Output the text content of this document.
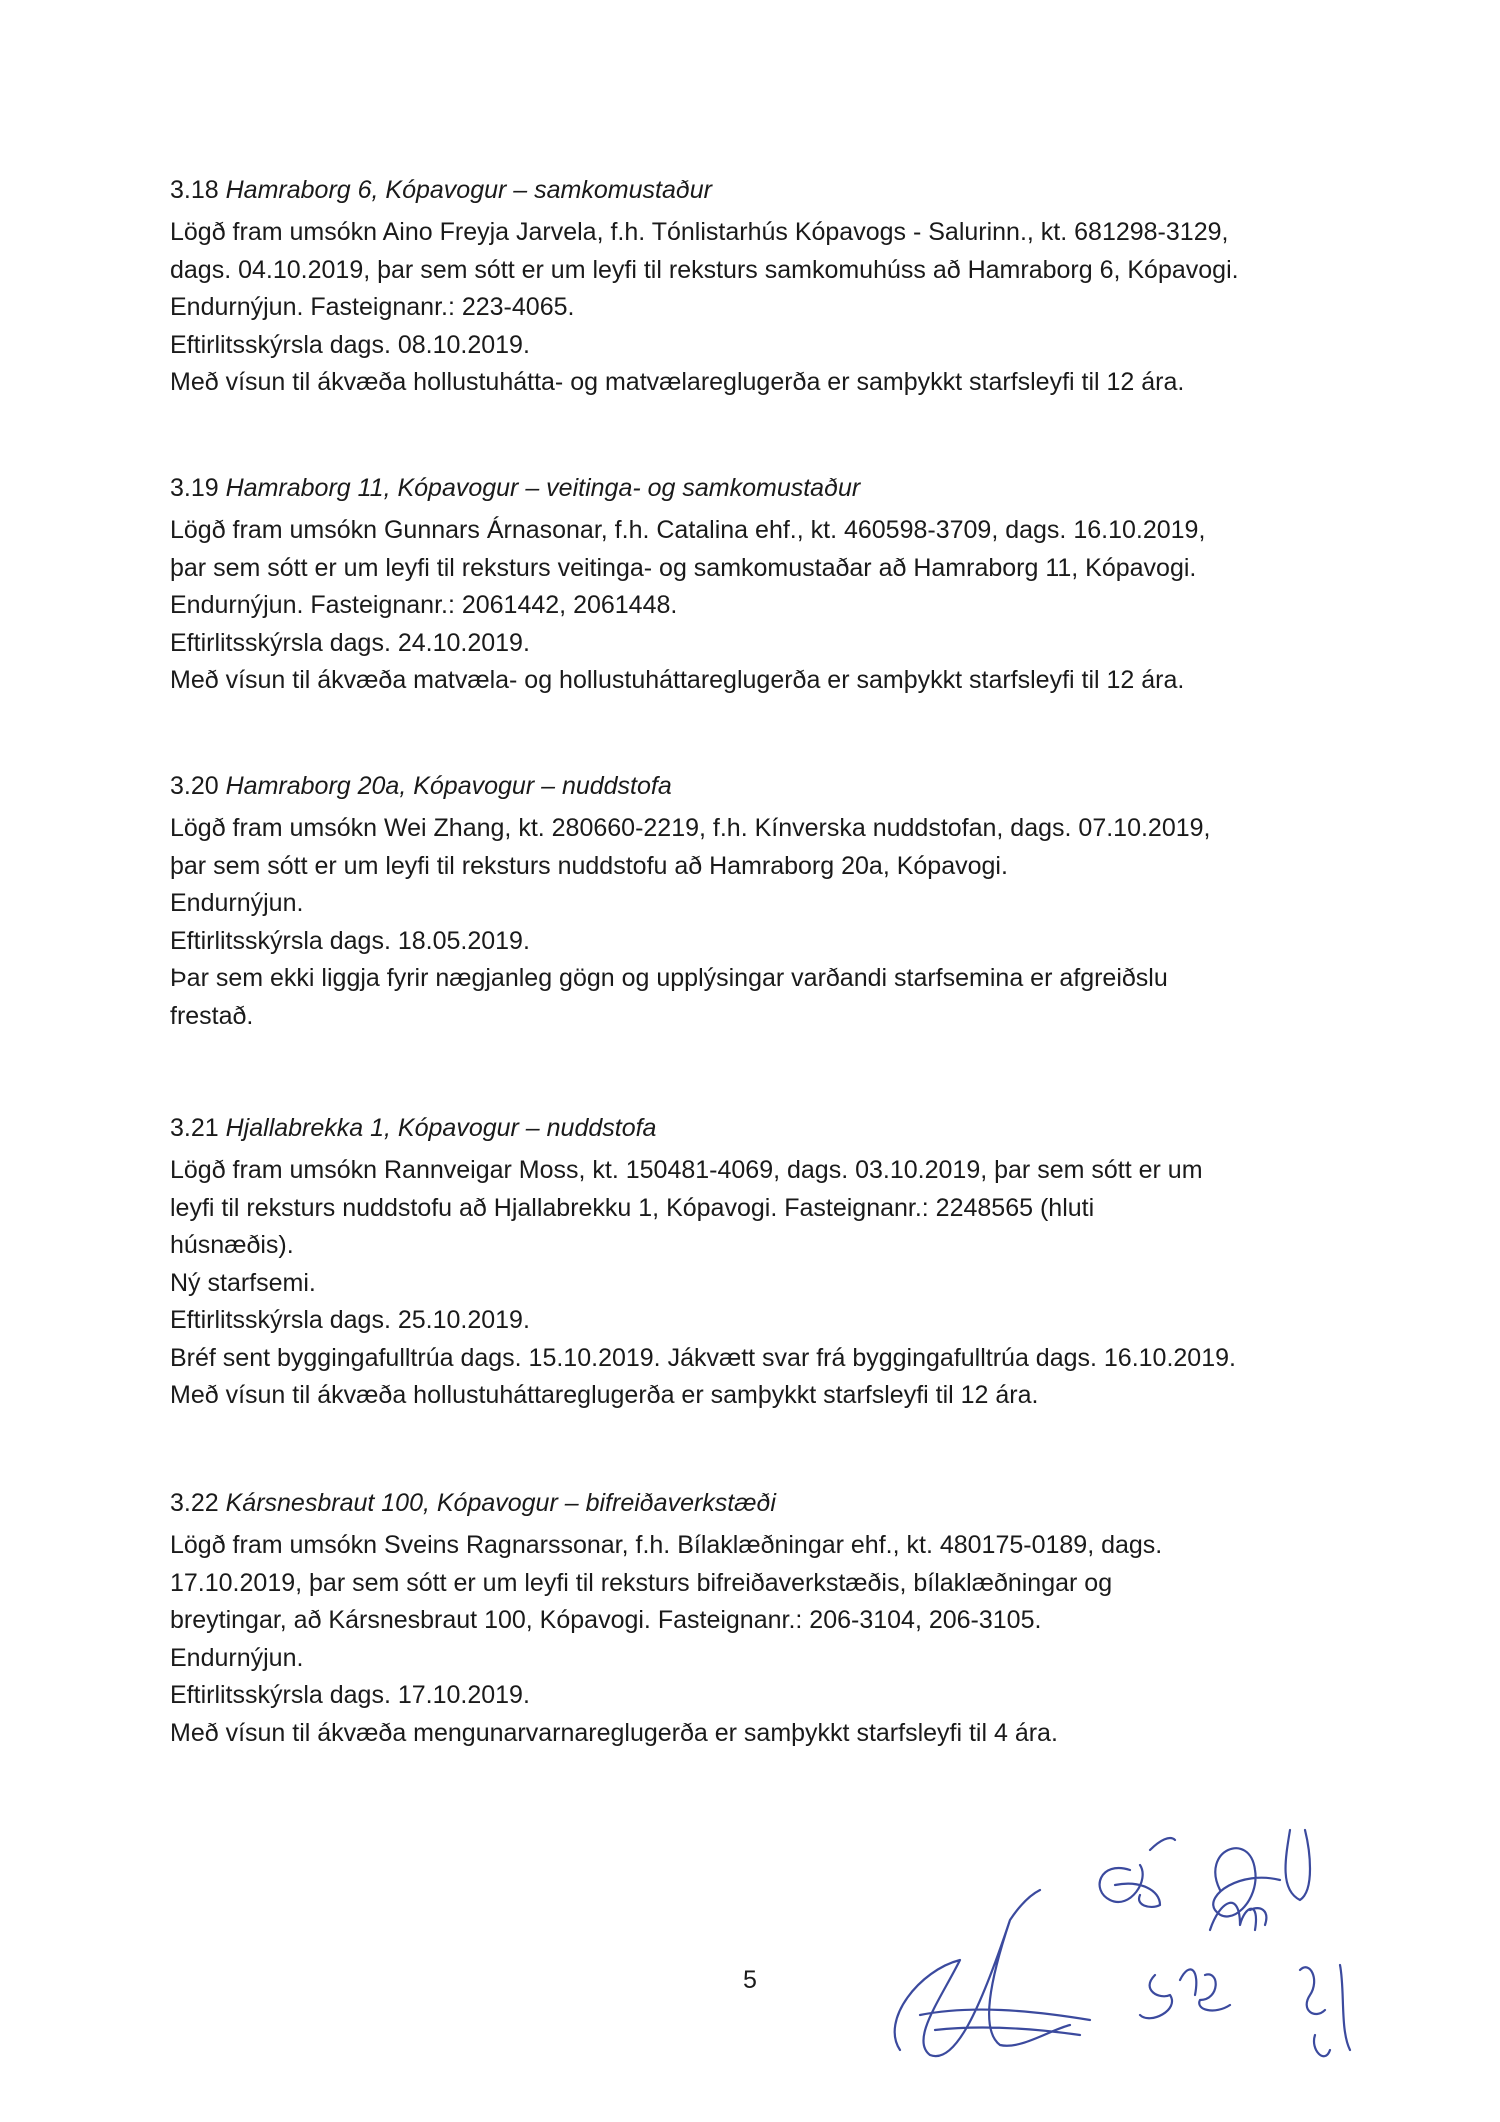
3.18 Hamraborg 6, Kópavogur – samkomustaður

Lögð fram umsókn Aino Freyja Jarvela, f.h. Tónlistarhús Kópavogs - Salurinn., kt. 681298-3129,

dags. 04.10.2019, þar sem sótt er um leyfi til reksturs samkomuhúss að Hamraborg 6, Kópavogi.

Endurnýjun. Fasteignanr.: 223-4065.

Eftirlitsskýrsla dags. 08.10.2019.

Með vísun til ákvæða hollustuhátta- og matvælareglugerða er samþykkt starfsleyfi til 12 ára.

3.19 Hamraborg 11, Kópavogur – veitinga- og samkomustaður

Lögð fram umsókn Gunnars Árnasonar, f.h. Catalina ehf., kt. 460598-3709, dags. 16.10.2019,

þar sem sótt er um leyfi til reksturs veitinga- og samkomustaðar að Hamraborg 11, Kópavogi.

Endurnýjun. Fasteignanr.: 2061442, 2061448.

Eftirlitsskýrsla dags. 24.10.2019.

Með vísun til ákvæða matvæla- og hollustuháttareglugerða er samþykkt starfsleyfi til 12 ára.

3.20 Hamraborg 20a, Kópavogur – nuddstofa

Lögð fram umsókn Wei Zhang, kt. 280660-2219, f.h. Kínverska nuddstofan, dags. 07.10.2019,

þar sem sótt er um leyfi til reksturs nuddstofu að Hamraborg 20a, Kópavogi.

Endurnýjun.

Eftirlitsskýrsla dags. 18.05.2019.

Þar sem ekki liggja fyrir nægjanleg gögn og upplýsingar varðandi starfsemina er afgreiðslu

frestað.

3.21 Hjallabrekka 1, Kópavogur – nuddstofa

Lögð fram umsókn Rannveigar Moss, kt. 150481-4069, dags. 03.10.2019, þar sem sótt er um

leyfi til reksturs nuddstofu að Hjallabrekku 1, Kópavogi. Fasteignanr.: 2248565 (hluti

húsnæðis).

Ný starfsemi.

Eftirlitsskýrsla dags. 25.10.2019.

Bréf sent byggingafulltrúa dags. 15.10.2019. Jákvætt svar frá byggingafulltrúa dags. 16.10.2019.

Með vísun til ákvæða hollustuháttareglugerða er samþykkt starfsleyfi til 12 ára.

3.22 Kársnesbraut 100, Kópavogur – bifreiðaverkstæði

Lögð fram umsókn Sveins Ragnarssonar, f.h. Bílaklæðningar ehf., kt. 480175-0189, dags.

17.10.2019, þar sem sótt er um leyfi til reksturs bifreiðaverkstæðis, bílaklæðningar og

breytingar, að Kársnesbraut 100, Kópavogi. Fasteignanr.: 206-3104, 206-3105.

Endurnýjun.

Eftirlitsskýrsla dags. 17.10.2019.

Með vísun til ákvæða mengunarvarnareglugerða er samþykkt starfsleyfi til 4 ára.

5
